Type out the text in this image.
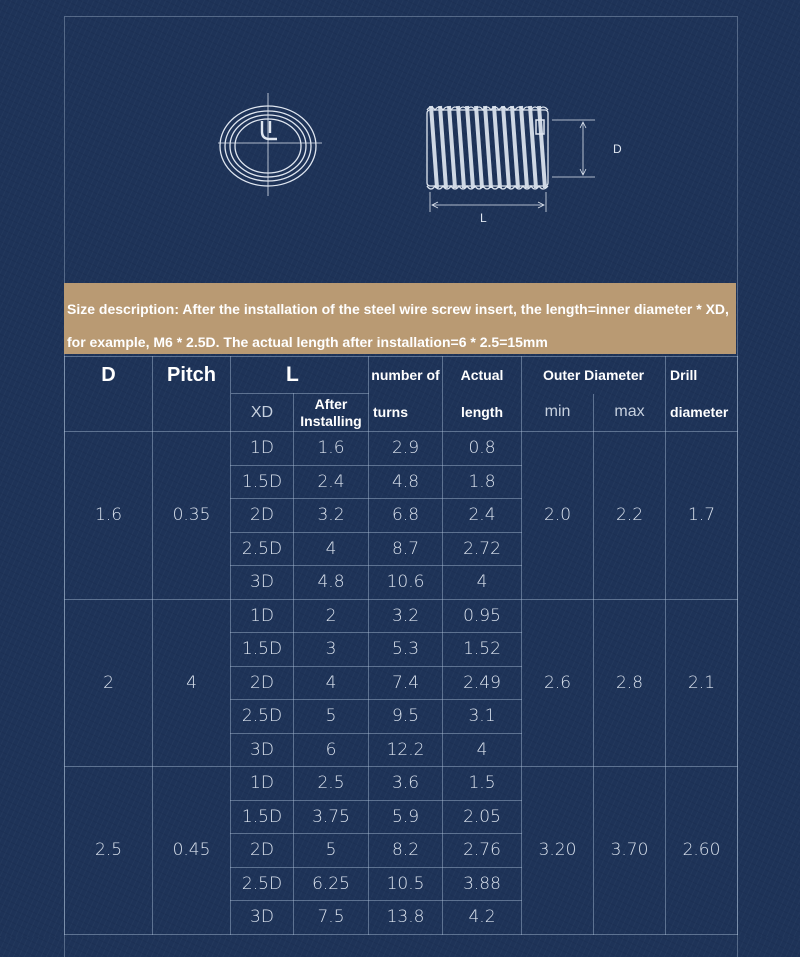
D
L
Size description: After the installation of the steel wire screw insert, the length=inner diameter * XD,
for example, M6 * 2.5D. The actual length after installation=6 * 2.5=15mm
D	Pitch	L		number of	Actual	Outer Diameter		Drill
		XD	After
Installing	turns	length	min	max	diameter
1.6	0.35	1D	1.6	2.9	0.8	2.0	2.2	1.7
		1.5D	2.4	4.8	1.8			
		2D	3.2	6.8	2.4			
		2.5D	4	8.7	2.72			
		3D	4.8	10.6	4			
2	4	1D	2	3.2	0.95	2.6	2.8	2.1
		1.5D	3	5.3	1.52			
		2D	4	7.4	2.49			
		2.5D	5	9.5	3.1			
		3D	6	12.2	4			
2.5	0.45	1D	2.5	3.6	1.5	3.20	3.70	2.60
		1.5D	3.75	5.9	2.05			
		2D	5	8.2	2.76			
		2.5D	6.25	10.5	3.88			
		3D	7.5	13.8	4.2			
